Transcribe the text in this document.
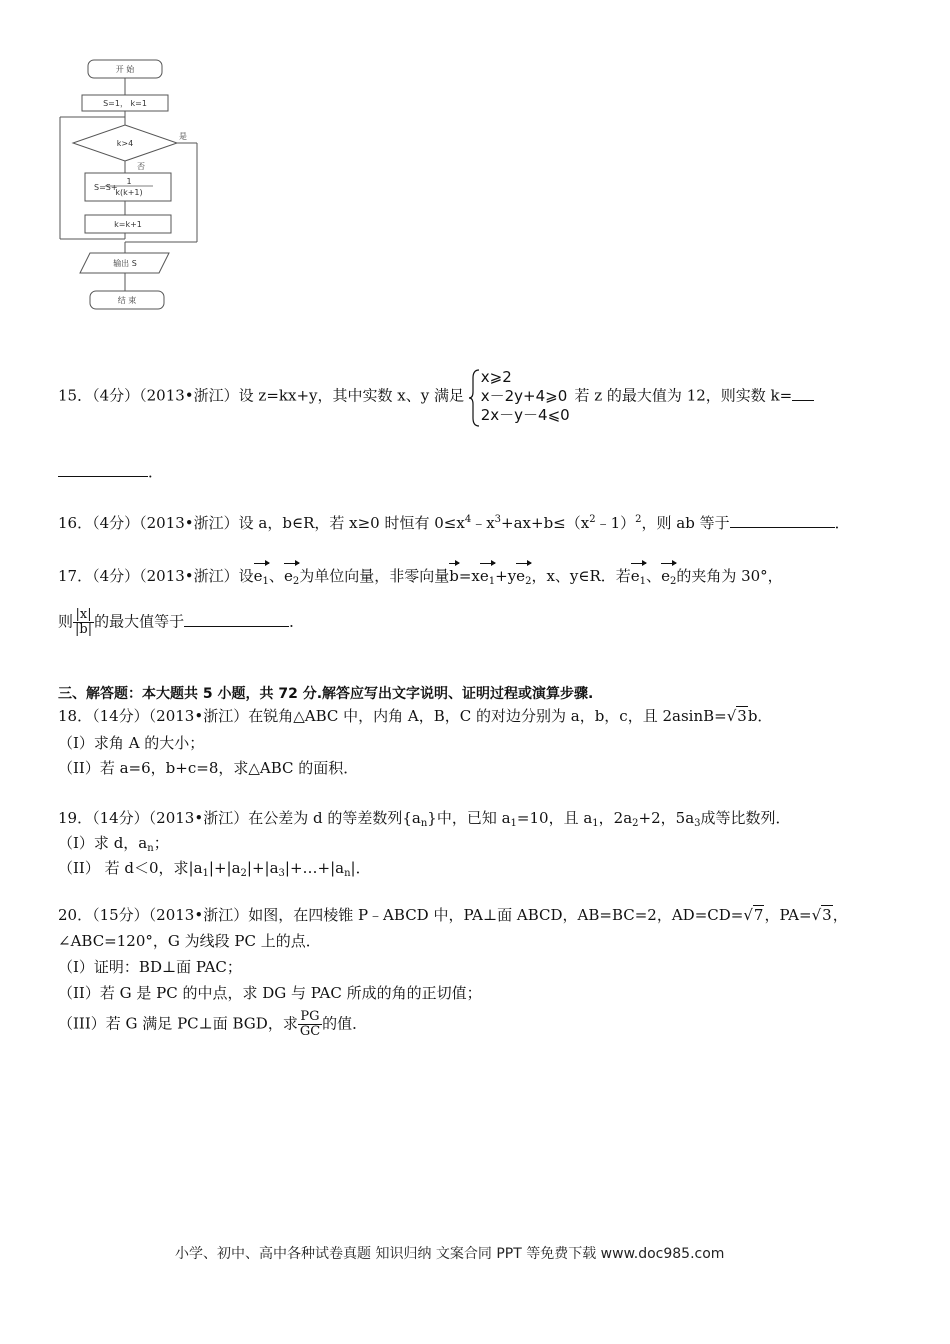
开 始
S=1， k=1
k>4
是
否
S=S+
1
k(k+1)
k=k+1
输出 S
结 束
15．（4分）（2013•浙江）设 z=kx+y，其中实数 x、y 满足
x⩾2
x－2y+4⩾0
2x－y－4⩽0
若 z 的最大值为 12，则实数 k=
．
16．（4分）（2013•浙江）设 a，b∈R，若 x≥0 时恒有 $0\le x^4﹣x^3+ax+b\le(x^2﹣1)^2$，则 ab 等于	．
17．（4分）（2013•浙江）设$e_1$、$e_2$为单位向量，非零向量$b=xe_1+ye_2$，x、y∈R．若$e_1$、$e_2$的夹角为 30°，
则 $\frac{|x|}{|b|}$ 的最大值等于	．
三、解答题：本大题共 5 小题，共 72 分.解答应写出文字说明、证明过程或演算步骤.
18．（14分）（2013•浙江）在锐角△ABC 中，内角 A，B，C 的对边分别为 a，b，c，且 2asinB=√3b．
（I）求角 A 的大小；
（II）若 a=6，b+c=8，求△ABC 的面积．
19．（14分）（2013•浙江）在公差为 d 的等差数列$\{a_n\}$中，已知 $a_1=10$，且 $a_1$，$2a_2+2$，$5a_3$成等比数列．
（I）求 d，$a_n$；
（II） 若 d＜0，求$|a_1|+|a_2|+|a_3|+\dots+|a_n|$．
20．（15分）（2013•浙江）如图，在四棱锥 P﹣ABCD 中，PA⊥面 ABCD，AB=BC=2，AD=CD=√7，PA=√3，
∠ABC=120°，G 为线段 PC 上的点．
（I）证明：BD⊥面 PAC；
（II）若 G 是 PC 的中点，求 DG 与 PAC 所成的角的正切值；
（III）若 G 满足 PC⊥面 BGD，求 $\frac{PG}{GC}$ 的值．
小学、初中、高中各种试卷真题 知识归纳 文案合同 PPT 等免费下载 www.doc985.com
